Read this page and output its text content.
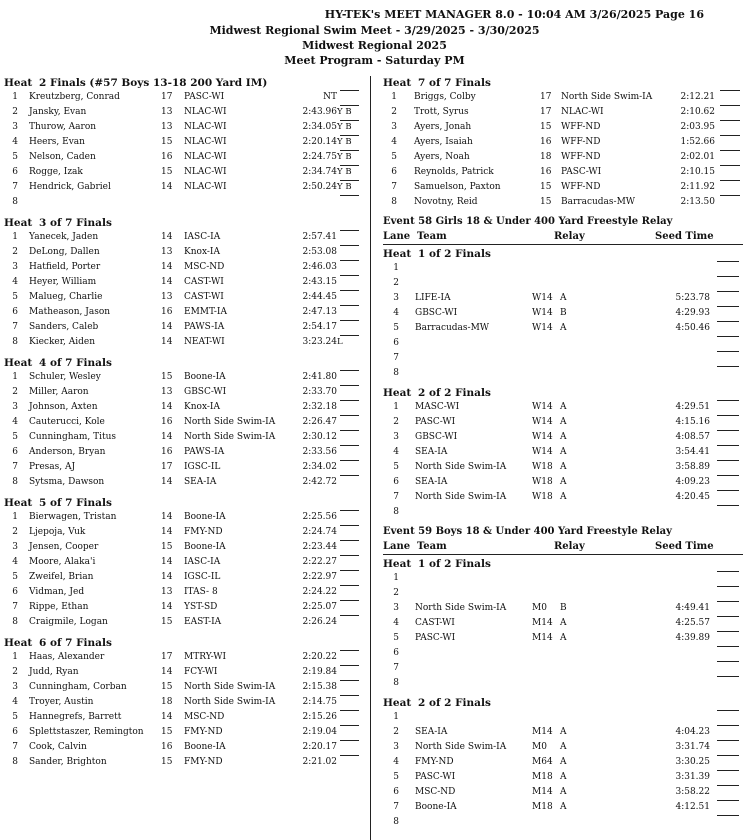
HY-TEK's MEET MANAGER 8.0 - 10:04 AM 3/26/2025 Page 16
Midwest Regional Swim Meet - 3/29/2025 - 3/30/2025
Midwest Regional 2025
Meet Program - Saturday PM
Heat 2 Finals (#57 Boys 13-18 200 Yard IM)
1 Kreutzberg, Conrad	17 PASC-WI	NT
2 Jansky, Evan	13 NLAC-WI	2:43.96 Y B
3 Thurow, Aaron	13 NLAC-WI	2:34.05 Y B
4 Heers, Evan	15 NLAC-WI	2:20.14 Y B
5 Nelson, Caden	16 NLAC-WI	2:24.75 Y B
6 Rogge, Izak	15 NLAC-WI	2:34.74 Y B
7 Hendrick, Gabriel	14 NLAC-WI	2:50.24 Y B
8
Heat 3 of 7 Finals
1 Yanecek, Jaden	14 IASC-IA	2:57.41
2 DeLong, Dallen	13 Knox-IA	2:53.08
3 Hatfield, Porter	14 MSC-ND	2:46.03
4 Heyer, William	14 CAST-WI	2:43.15
5 Malueg, Charlie	13 CAST-WI	2:44.45
6 Matheason, Jason	16 EMMT-IA	2:47.13
7 Sanders, Caleb	14 PAWS-IA	2:54.17
8 Kiecker, Aiden	14 NEAT-WI	3:23.24 L
Heat 4 of 7 Finals
1 Schuler, Wesley	15 Boone-IA	2:41.80
2 Miller, Aaron	13 GBSC-WI	2:33.70
3 Johnson, Axten	14 Knox-IA	2:32.18
4 Cauterucci, Kole	16 North Side Swim-IA	2:26.47
5 Cunningham, Titus	14 North Side Swim-IA	2:30.12
6 Anderson, Bryan	16 PAWS-IA	2:33.56
7 Presas, AJ	17 IGSC-IL	2:34.02
8 Sytsma, Dawson	14 SEA-IA	2:42.72
Heat 5 of 7 Finals
1 Bierwagen, Tristan	14 Boone-IA	2:25.56
2 Ljepoja, Vuk	14 FMY-ND	2:24.74
3 Jensen, Cooper	15 Boone-IA	2:23.44
4 Moore, Alaka'i	14 IASC-IA	2:22.27
5 Zweifel, Brian	14 IGSC-IL	2:22.97
6 Vidman, Jed	13 ITAS- 8	2:24.22
7 Rippe, Ethan	14 YST-SD	2:25.07
8 Craigmile, Logan	15 EAST-IA	2:26.24
Heat 6 of 7 Finals
1 Haas, Alexander	17 MTRY-WI	2:20.22
2 Judd, Ryan	14 FCY-WI	2:19.84
3 Cunningham, Corban	15 North Side Swim-IA	2:15.38
4 Troyer, Austin	18 North Side Swim-IA	2:14.75
5 Hannegrefs, Barrett	14 MSC-ND	2:15.26
6 Splettstaszer, Remington 15 FMY-ND	2:19.04
7 Cook, Calvin	16 Boone-IA	2:20.17
8 Sander, Brighton	15 FMY-ND	2:21.02
Heat 7 of 7 Finals
1 Briggs, Colby	17 North Side Swim-IA	2:12.21
2 Trott, Syrus	17 NLAC-WI	2:10.62
3 Ayers, Jonah	15 WFF-ND	2:03.95
4 Ayers, Isaiah	16 WFF-ND	1:52.66
5 Ayers, Noah	18 WFF-ND	2:02.01
6 Reynolds, Patrick	16 PASC-WI	2:10.15
7 Samuelson, Paxton	15 WFF-ND	2:11.92
8 Novotny, Reid	15 Barracudas-MW	2:13.50
Event 58 Girls 18 & Under 400 Yard Freestyle Relay
Lane Team	Relay	Seed Time
Heat 1 of 2 Finals
1
2
3 LIFE-IA	W14 A	5:23.78
4 GBSC-WI	W14 B	4:29.93
5 Barracudas-MW	W14 A	4:50.46
6
7
8
Heat 2 of 2 Finals
1 MASC-WI	W14 A	4:29.51
2 PASC-WI	W14 A	4:15.16
3 GBSC-WI	W14 A	4:08.57
4 SEA-IA	W14 A	3:54.41
5 North Side Swim-IA	W18 A	3:58.89
6 SEA-IA	W18 A	4:09.23
7 North Side Swim-IA	W18 A	4:20.45
8
Event 59 Boys 18 & Under 400 Yard Freestyle Relay
Lane Team	Relay	Seed Time
Heat 1 of 2 Finals
1
2
3 North Side Swim-IA	M0 B	4:49.41
4 CAST-WI	M14 A	4:25.57
5 PASC-WI	M14 A	4:39.89
6
7
8
Heat 2 of 2 Finals
1
2 SEA-IA	M14 A	4:04.23
3 North Side Swim-IA	M0 A	3:31.74
4 FMY-ND	M64 A	3:30.25
5 PASC-WI	M18 A	3:31.39
6 MSC-ND	M14 A	3:58.22
7 Boone-IA	M18 A	4:12.51
8
